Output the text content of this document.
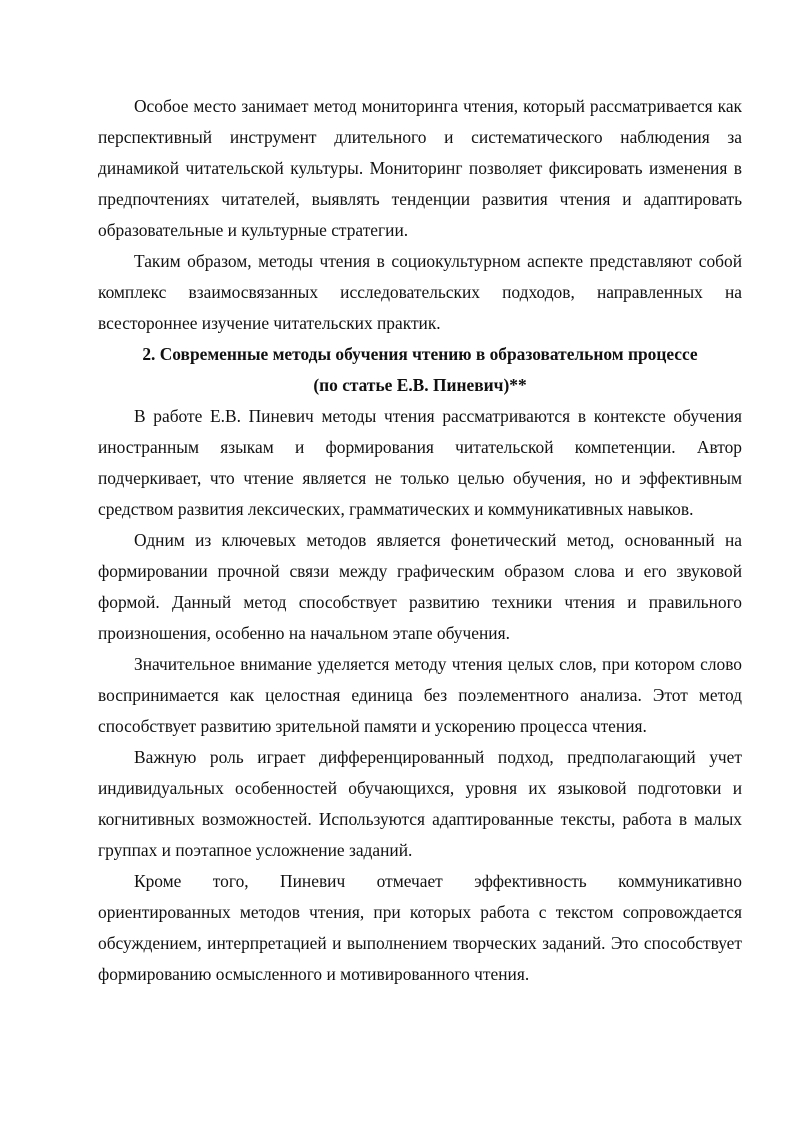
Особое место занимает метод мониторинга чтения, который рассматривается как перспективный инструмент длительного и систематического наблюдения за динамикой читательской культуры. Мониторинг позволяет фиксировать изменения в предпочтениях читателей, выявлять тенденции развития чтения и адаптировать образовательные и культурные стратегии.

Таким образом, методы чтения в социокультурном аспекте представляют собой комплекс взаимосвязанных исследовательских подходов, направленных на всестороннее изучение читательских практик.

2. Современные методы обучения чтению в образовательном процессе

(по статье Е.В. Пиневич)**

В работе Е.В. Пиневич методы чтения рассматриваются в контексте обучения иностранным языкам и формирования читательской компетенции. Автор подчеркивает, что чтение является не только целью обучения, но и эффективным средством развития лексических, грамматических и коммуникативных навыков.

Одним из ключевых методов является фонетический метод, основанный на формировании прочной связи между графическим образом слова и его звуковой формой. Данный метод способствует развитию техники чтения и правильного произношения, особенно на начальном этапе обучения.

Значительное внимание уделяется методу чтения целых слов, при котором слово воспринимается как целостная единица без поэлементного анализа. Этот метод способствует развитию зрительной памяти и ускорению процесса чтения.

Важную роль играет дифференцированный подход, предполагающий учет индивидуальных особенностей обучающихся, уровня их языковой подготовки и когнитивных возможностей. Используются адаптированные тексты, работа в малых группах и поэтапное усложнение заданий.

Кроме того, Пиневич отмечает эффективность коммуникативно ориентированных методов чтения, при которых работа с текстом сопровождается обсуждением, интерпретацией и выполнением творческих заданий. Это способствует формированию осмысленного и мотивированного чтения.
